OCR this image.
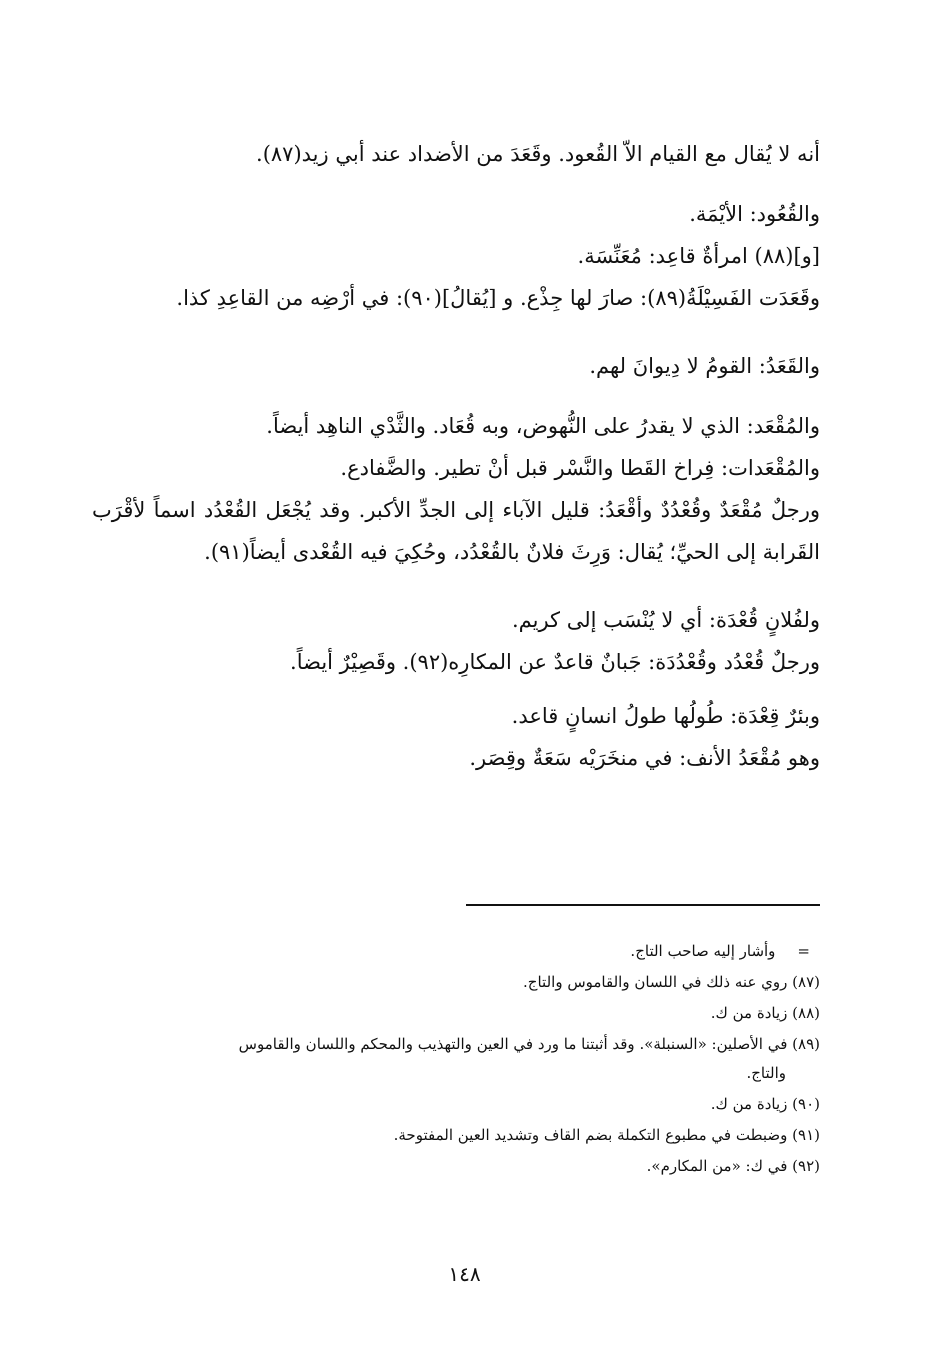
أنه لا يُقال مع القيام الاّ القُعود. وقَعَدَ من الأضداد عند أبي زيد(٨٧).

والقُعُود: الأيْمَة.

[و](٨٨) امرأةٌ قاعِد: مُعَنِّسَة.

وقَعَدَت الفَسِيْلَةُ(٨٩): صارَ لها جِذْع. و [يُقالُ](٩٠): في أرْضِه من القاعِدِ كذا.

والقَعَدُ: القومُ لا دِيوانَ لهم.

والمُقْعَد: الذي لا يقدرُ على النُّهوض، وبه قُعَاد. والثَّدْي الناهِد أيضاً.

والمُقْعَدات: فِراخ القَطا والنَّسْر قبل أنْ تطير. والضَّفادع.

ورجلٌ مُقْعَدٌ وقُعْدُدٌ وأقْعَدُ: قليل الآباء إلى الجدِّ الأكبر. وقد يُجْعَل القُعْدُد اسماً لأقْرَب القَرابة إلى الحيِّ؛ يُقال: وَرِثَ فلانٌ بالقُعْدُد، وحُكِيَ فيه القُعْدى أيضاً(٩١).

ولفُلانٍ قُعْدَة: أي لا يُنْسَب إلى كريم.

ورجلٌ قُعْدُد وقُعْدُدَة: جَبانٌ قاعدٌ عن المكارِه(٩٢). وقَصِيْرٌ أيضاً.

وبئرٌ قِعْدَة: طُولُها طولُ انسانٍ قاعد.

وهو مُقْعَدُ الأنف: في منخَرَيْه سَعَةٌ وقِصَر.

=وأشار إليه صاحب التاج.

(٨٧) روي عنه ذلك في اللسان والقاموس والتاج.

(٨٨) زيادة من ك.

(٨٩) في الأصلين: «السنبلة». وقد أثبتنا ما ورد في العين والتهذيب والمحكم واللسان والقاموس

والتاج.

(٩٠) زيادة من ك.

(٩١) وضبطت في مطبوع التكملة بضم القاف وتشديد العين المفتوحة.

(٩٢) في ك: «من المكارم».

١٤٨
